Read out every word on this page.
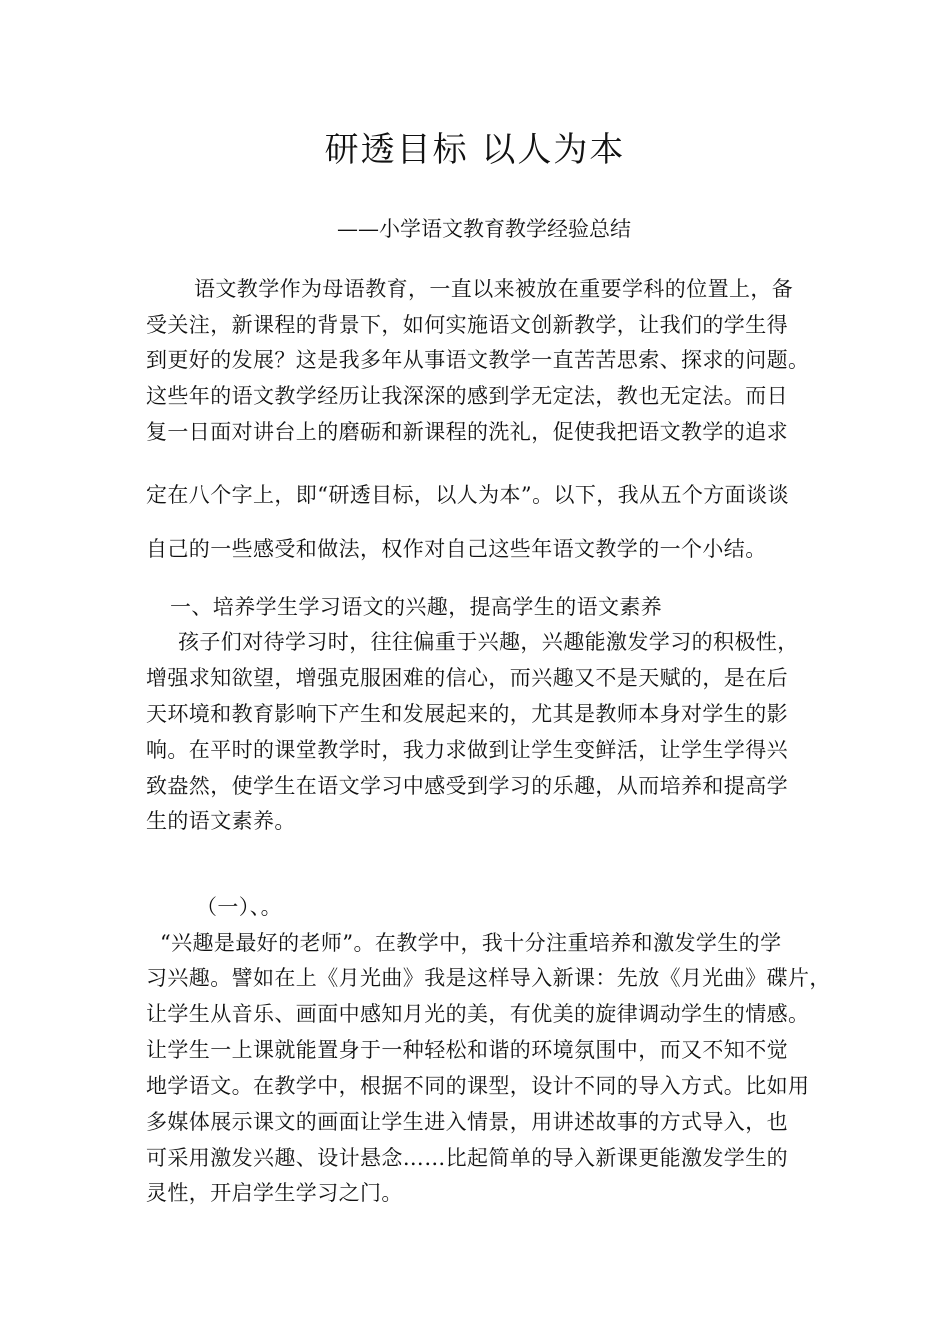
研透目标 以人为本
——小学语文教育教学经验总结
语文教学作为母语教育，一直以来被放在重要学科的位置上，备
受关注，新课程的背景下，如何实施语文创新教学，让我们的学生得
到更好的发展？这是我多年从事语文教学一直苦苦思索、探求的问题。
这些年的语文教学经历让我深深的感到学无定法，教也无定法。而日
复一日面对讲台上的磨砺和新课程的洗礼，促使我把语文教学的追求
定在八个字上，即“研透目标，以人为本”。以下，我从五个方面谈谈
自己的一些感受和做法，权作对自己这些年语文教学的一个小结。
一、培养学生学习语文的兴趣，提高学生的语文素养
孩子们对待学习时，往往偏重于兴趣，兴趣能激发学习的积极性，
增强求知欲望，增强克服困难的信心，而兴趣又不是天赋的，是在后
天环境和教育影响下产生和发展起来的，尤其是教师本身对学生的影
响。在平时的课堂教学时，我力求做到让学生变鲜活，让学生学得兴
致盎然，使学生在语文学习中感受到学习的乐趣，从而培养和提高学
生的语文素养。
（一）、。
“兴趣是最好的老师”。在教学中，我十分注重培养和激发学生的学
习兴趣。譬如在上《月光曲》我是这样导入新课：先放《月光曲》碟片，
让学生从音乐、画面中感知月光的美，有优美的旋律调动学生的情感。
让学生一上课就能置身于一种轻松和谐的环境氛围中，而又不知不觉
地学语文。在教学中，根据不同的课型，设计不同的导入方式。比如用
多媒体展示课文的画面让学生进入情景，用讲述故事的方式导入，也
可采用激发兴趣、设计悬念……比起简单的导入新课更能激发学生的
灵性，开启学生学习之门。
